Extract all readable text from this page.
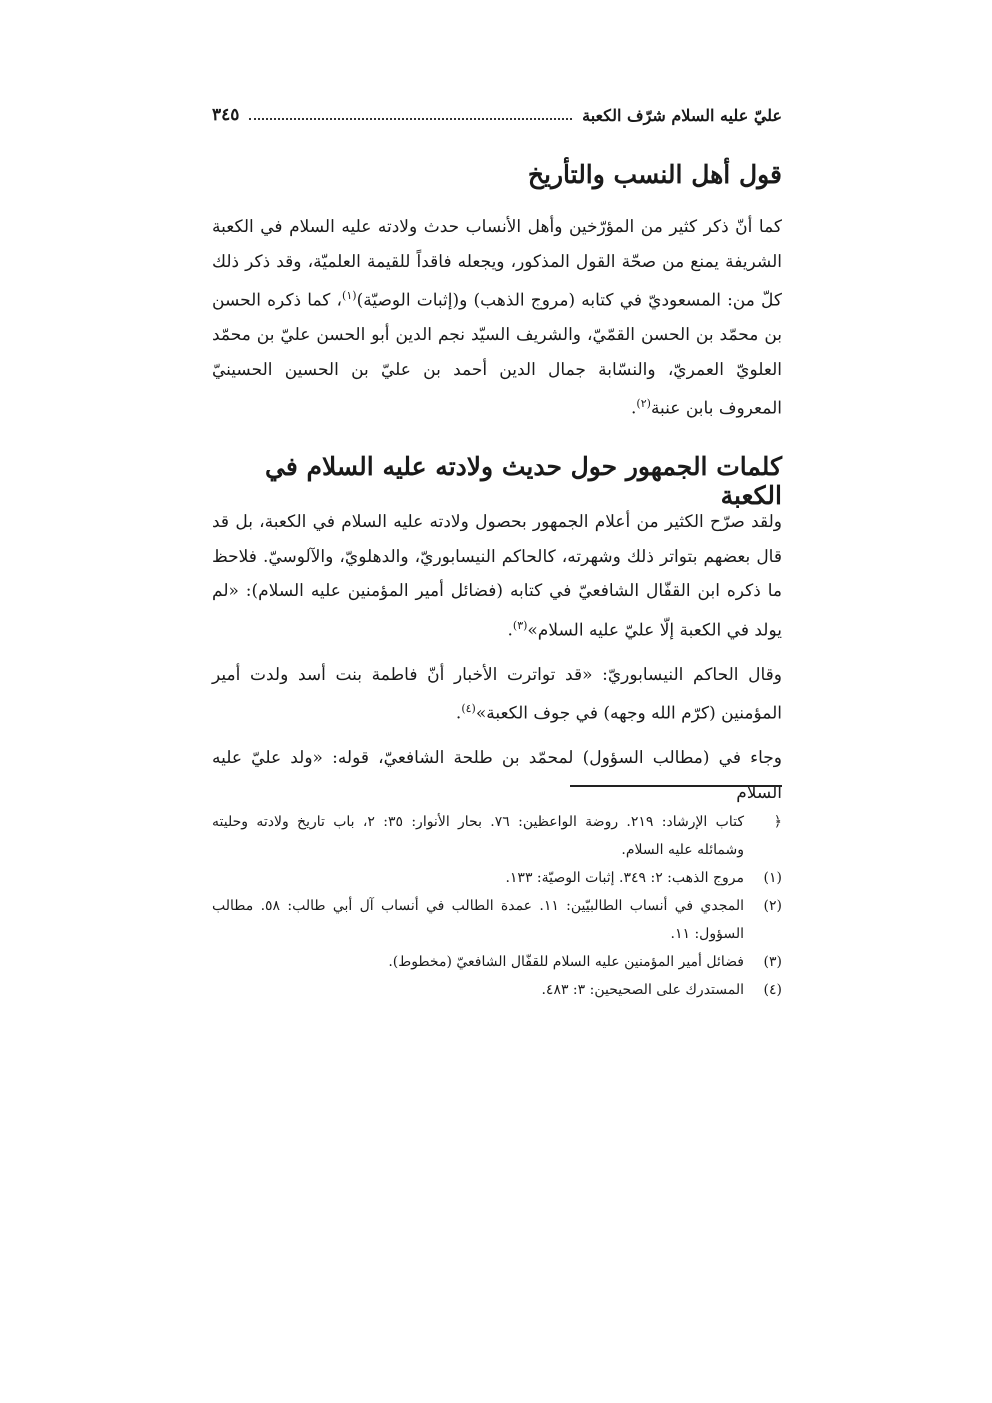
عليّ عليه السلام شرّف الكعبة
٣٤٥
قول أهل النسب والتأريخ

كما أنّ ذكر كثير من المؤرّخين وأهل الأنساب حدث ولادته عليه السلام في الكعبة الشريفة يمنع من صحّة القول المذكور، ويجعله فاقداً للقيمة العلميّة، وقد ذكر ذلك كلّ من: المسعوديّ في كتابه (مروج الذهب) و(إثبات الوصيّة)$^{(١)}$، كما ذكره الحسن بن محمّد بن الحسن القمّيّ، والشريف السيّد نجم الدين أبو الحسن عليّ بن محمّد العلويّ العمريّ، والنسّابة جمال الدين أحمد بن عليّ بن الحسين الحسينيّ المعروف بابن عنبة$^{(٢)}$.

كلمات الجمهور حول حديث ولادته عليه السلام في الكعبة

ولقد صرّح الكثير من أعلام الجمهور بحصول ولادته عليه السلام في الكعبة، بل قد قال بعضهم بتواتر ذلك وشهرته، كالحاكم النيسابوريّ، والدهلويّ، والآلوسيّ. فلاحظ ما ذكره ابن القفّال الشافعيّ في كتابه (فضائل أمير المؤمنين عليه السلام): «لم يولد في الكعبة إلّا عليّ عليه السلام»$^{(٣)}$.

وقال الحاكم النيسابوريّ: «قد تواترت الأخبار أنّ فاطمة بنت أسد ولدت أمير المؤمنين (كرّم الله وجهه) في جوف الكعبة»$^{(٤)}$.

وجاء في (مطالب السؤول) لمحمّد بن طلحة الشافعيّ، قوله: «ولد عليّ عليه السلام

﴿
كتاب الإرشاد: ٢١٩. روضة الواعظين: ٧٦. بحار الأنوار: ٣٥: ٢، باب تاريخ ولادته وحليته وشمائله عليه السلام.
(١)
مروج الذهب: ٢: ٣٤٩. إثبات الوصيّة: ١٣٣.
(٢)
المجدي في أنساب الطالبيّين: ١١. عمدة الطالب في أنساب آل أبي طالب: ٥٨. مطالب السؤول: ١١.
(٣)
فضائل أمير المؤمنين عليه السلام للقفّال الشافعيّ (مخطوط).
(٤)
المستدرك على الصحيحين: ٣: ٤٨٣.
